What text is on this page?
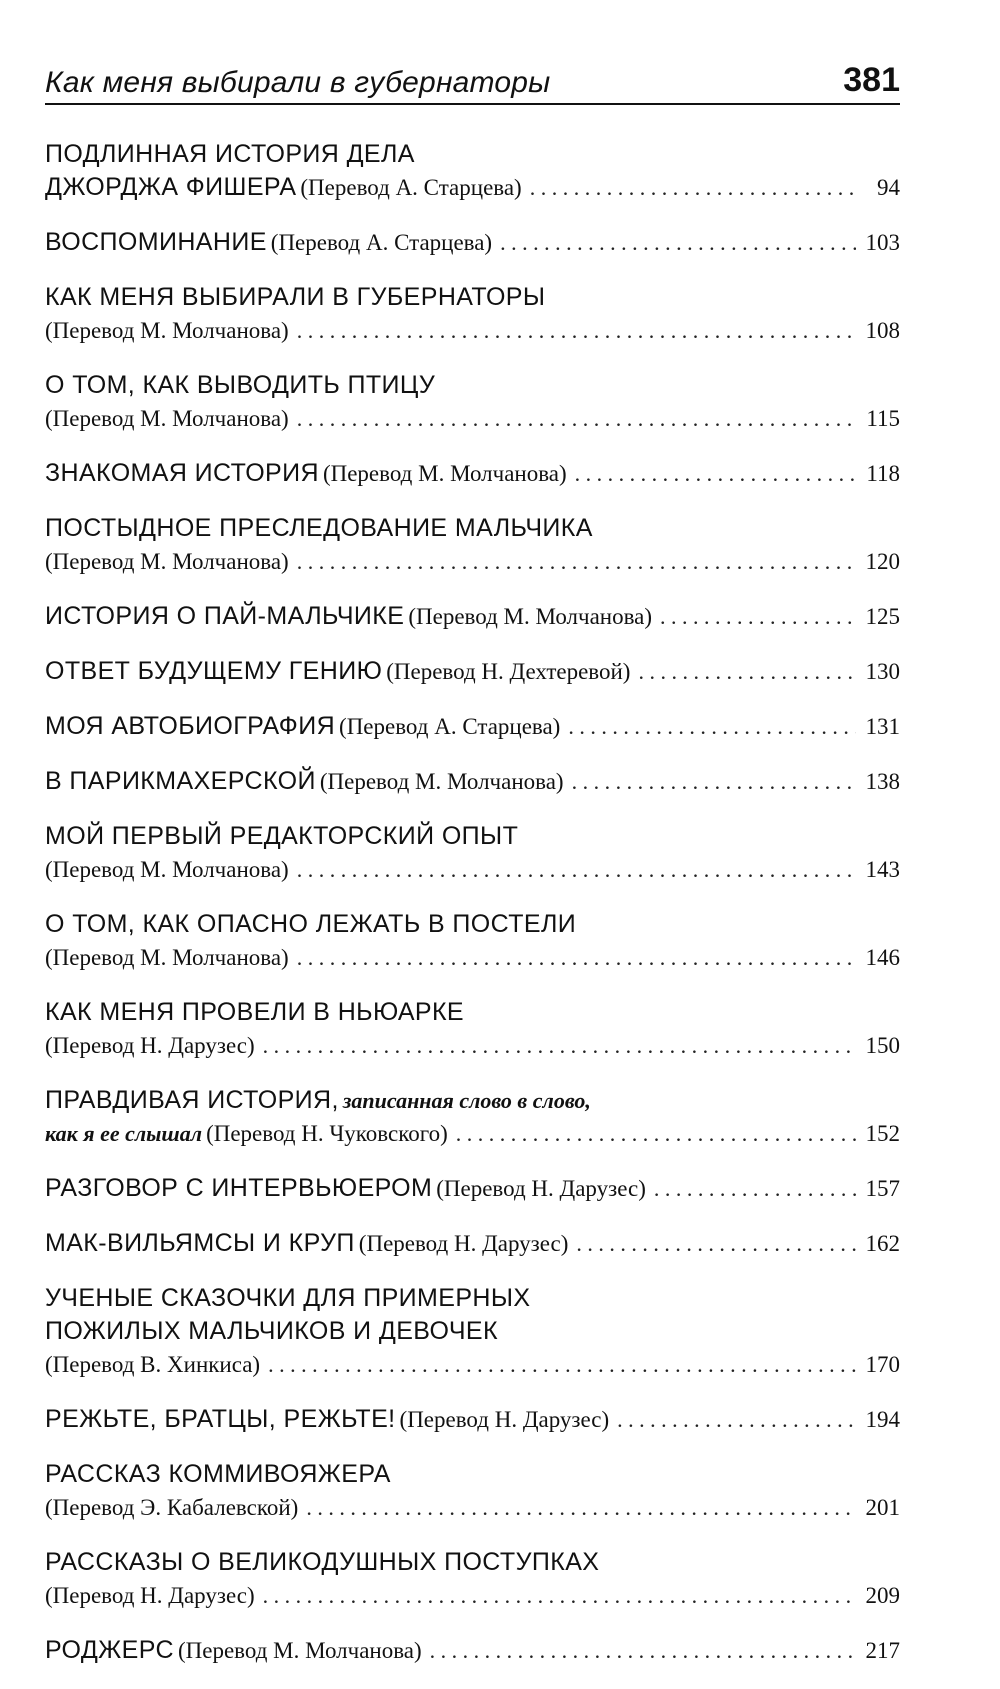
Как меня выбирали в губернаторы	381
ПОДЛИННАЯ ИСТОРИЯ ДЕЛА
ДЖОРДЖА ФИШЕРА
(Перевод А. Старцева) . . .	94
ВОСПОМИНАНИЕ
(Перевод А. Старцева) . . .	103
КАК МЕНЯ ВЫБИРАЛИ В ГУБЕРНАТОРЫ
(Перевод М. Молчанова) . . .	108
О ТОМ, КАК ВЫВОДИТЬ ПТИЦУ
(Перевод М. Молчанова) . . .	115
ЗНАКОМАЯ ИСТОРИЯ
(Перевод М. Молчанова) . . .	118
ПОСТЫДНОЕ ПРЕСЛЕДОВАНИЕ МАЛЬЧИКА
(Перевод М. Молчанова) . . .	120
ИСТОРИЯ О ПАЙ-МАЛЬЧИКЕ
(Перевод М. Молчанова) . . .	125
ОТВЕТ БУДУЩЕМУ ГЕНИЮ
(Перевод Н. Дехтеревой) . . .	130
МОЯ АВТОБИОГРАФИЯ
(Перевод А. Старцева) . . .	131
В ПАРИКМАХЕРСКОЙ
(Перевод М. Молчанова) . . .	138
МОЙ ПЕРВЫЙ РЕДАКТОРСКИЙ ОПЫТ
(Перевод М. Молчанова) . . .	143
О ТОМ, КАК ОПАСНО ЛЕЖАТЬ В ПОСТЕЛИ
(Перевод М. Молчанова) . . .	146
КАК МЕНЯ ПРОВЕЛИ В НЬЮАРКЕ
(Перевод Н. Дарузес) . . .	150
ПРАВДИВАЯ ИСТОРИЯ,
записанная слово в слово,
как я ее слышал
(Перевод Н. Чуковского) . . .	152
РАЗГОВОР С ИНТЕРВЬЮЕРОМ
(Перевод Н. Дарузес) . . .	157
МАК-ВИЛЬЯМСЫ И КРУП
(Перевод Н. Дарузес) . . .	162
УЧЕНЫЕ СКАЗОЧКИ ДЛЯ ПРИМЕРНЫХ
ПОЖИЛЫХ МАЛЬЧИКОВ И ДЕВОЧЕК
(Перевод В. Хинкиса) . . .	170
РЕЖЬТЕ, БРАТЦЫ, РЕЖЬТЕ!
(Перевод Н. Дарузес) . . .	194
РАССКАЗ КОММИВОЯЖЕРА
(Перевод Э. Кабалевской) . . .	201
РАССКАЗЫ О ВЕЛИКОДУШНЫХ ПОСТУПКАХ
(Перевод Н. Дарузес) . . .	209
РОДЖЕРС
(Перевод М. Молчанова) . . .	217
